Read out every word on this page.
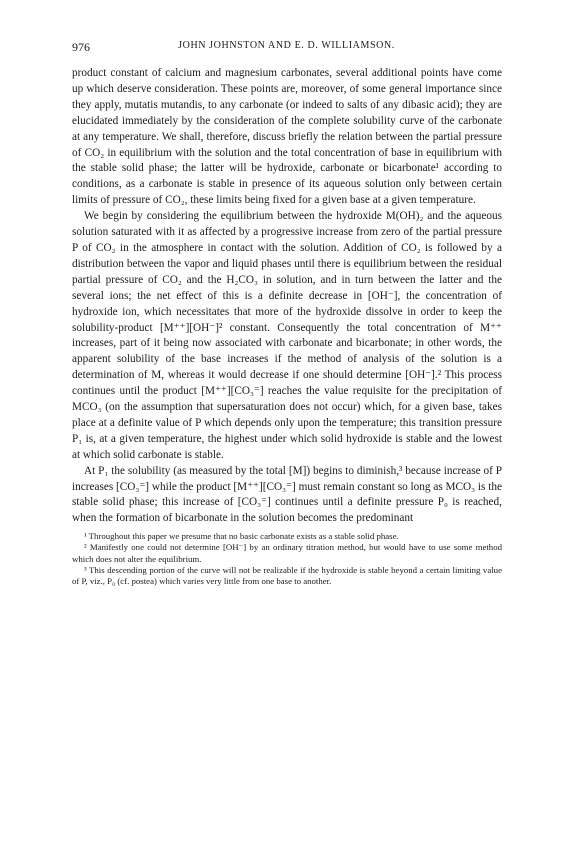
976	JOHN JOHNSTON AND E. D. WILLIAMSON.

product constant of calcium and magnesium carbonates, several additional points have come up which deserve consideration. These points are, moreover, of some general importance since they apply, mutatis mutandis, to any carbonate (or indeed to salts of any dibasic acid); they are elucidated immediately by the consideration of the complete solubility curve of the carbonate at any temperature. We shall, therefore, discuss briefly the relation between the partial pressure of CO₂ in equilibrium with the solution and the total concentration of base in equilibrium with the stable solid phase; the latter will be hydroxide, carbonate or bicarbonate¹ according to conditions, as a carbonate is stable in presence of its aqueous solution only between certain limits of pressure of CO₂, these limits being fixed for a given base at a given temperature.

We begin by considering the equilibrium between the hydroxide M(OH)₂ and the aqueous solution saturated with it as affected by a progressive increase from zero of the partial pressure P of CO₂ in the atmosphere in contact with the solution. Addition of CO₂ is followed by a distribution between the vapor and liquid phases until there is equilibrium between the residual partial pressure of CO₂ and the H₂CO₃ in solution, and in turn between the latter and the several ions; the net effect of this is a definite decrease in [OH⁻], the concentration of hydroxide ion, which necessitates that more of the hydroxide dissolve in order to keep the solubility-product [M⁺⁺][OH⁻]² constant. Consequently the total concentration of M⁺⁺ increases, part of it being now associated with carbonate and bicarbonate; in other words, the apparent solubility of the base increases if the method of analysis of the solution is a determination of M, whereas it would decrease if one should determine [OH⁻].² This process continues until the product [M⁺⁺][CO₃⁼] reaches the value requisite for the precipitation of MCO₃ (on the assumption that supersaturation does not occur) which, for a given base, takes place at a definite value of P which depends only upon the temperature; this transition pressure P₁ is, at a given temperature, the highest under which solid hydroxide is stable and the lowest at which solid carbonate is stable.

At P₁ the solubility (as measured by the total [M]) begins to diminish,³ because increase of P increases [CO₃⁼] while the product [M⁺⁺][CO₃⁼] must remain constant so long as MCO₃ is the stable solid phase; this increase of [CO₃⁼] continues until a definite pressure P₀ is reached, when the formation of bicarbonate in the solution becomes the predominant

¹ Throughout this paper we presume that no basic carbonate exists as a stable solid phase.

² Manifestly one could not determine [OH⁻] by an ordinary titration method, but would have to use some method which does not alter the equilibrium.

³ This descending portion of the curve will not be realizable if the hydroxide is stable beyond a certain limiting value of P, viz., P₀ (cf. postea) which varies very little from one base to another.
